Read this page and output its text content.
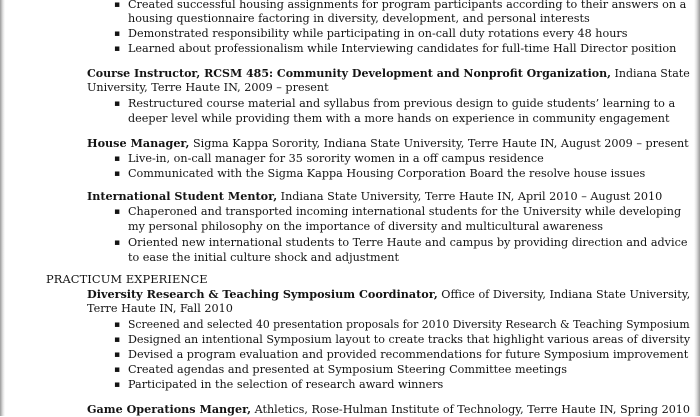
▪ Created successful housing assignments for program participants according to their answers on a
housing questionnaire factoring in diversity, development, and personal interests
▪ Demonstrated responsibility while participating in on-call duty rotations every 48 hours
▪ Learned about professionalism while Interviewing candidates for full-time Hall Director position
Course Instructor, RCSM 485: Community Development and Nonprofit Organization, Indiana State
University, Terre Haute IN, 2009 – present
▪ Restructured course material and syllabus from previous design to guide students’ learning to a
deeper level while providing them with a more hands on experience in community engagement
House Manager, Sigma Kappa Sorority, Indiana State University, Terre Haute IN, August 2009 – present
▪ Live-in, on-call manager for 35 sorority women in a off campus residence
▪ Communicated with the Sigma Kappa Housing Corporation Board the resolve house issues
International Student Mentor, Indiana State University, Terre Haute IN, April 2010 – August 2010
▪ Chaperoned and transported incoming international students for the University while developing
my personal philosophy on the importance of diversity and multicultural awareness
▪ Oriented new international students to Terre Haute and campus by providing direction and advice
to ease the initial culture shock and adjustment
PRACTICUM EXPERIENCE
Diversity Research & Teaching Symposium Coordinator, Office of Diversity, Indiana State University,
Terre Haute IN, Fall 2010
▪ Screened and selected 40 presentation proposals for 2010 Diversity Research & Teaching Symposium
▪ Designed an intentional Symposium layout to create tracks that highlight various areas of diversity
▪ Devised a program evaluation and provided recommendations for future Symposium improvement
▪ Created agendas and presented at Symposium Steering Committee meetings
▪ Participated in the selection of research award winners
Game Operations Manger, Athletics, Rose-Hulman Institute of Technology, Terre Haute IN, Spring 2010
